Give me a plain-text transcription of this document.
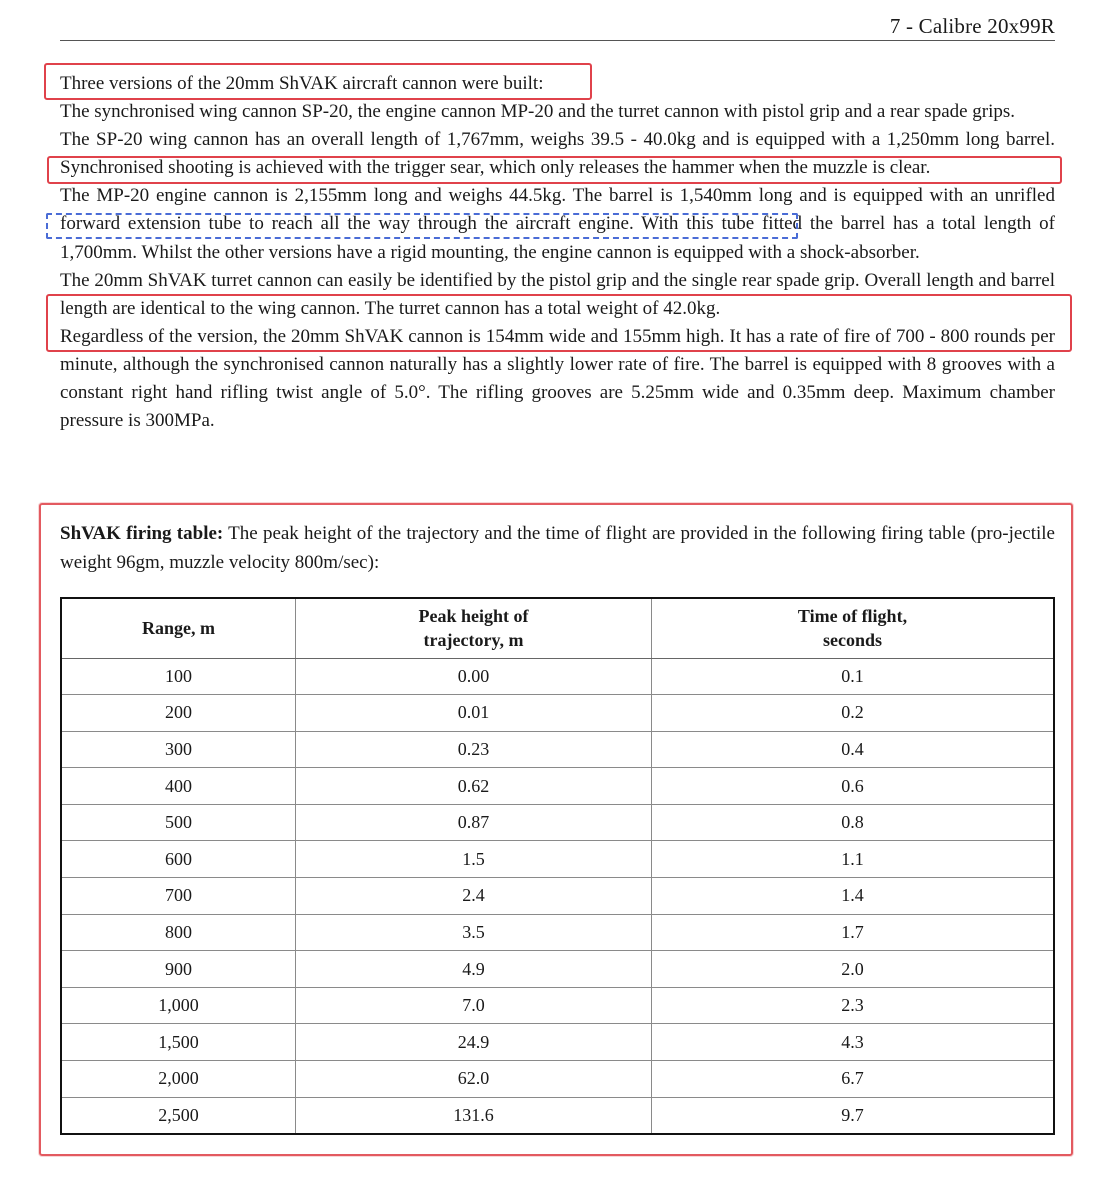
7 - Calibre 20x99R

Three versions of the 20mm ShVAK aircraft cannon were built:

The synchronised wing cannon SP-20, the engine cannon MP-20 and the turret cannon with pistol grip and a rear spade grips.

The SP-20 wing cannon has an overall length of 1,767mm, weighs 39.5 - 40.0kg and is equipped with a 1,250mm long barrel. Synchronised shooting is achieved with the trigger sear, which only releases the hammer when the muzzle is clear.

The MP-20 engine cannon is 2,155mm long and weighs 44.5kg. The barrel is 1,540mm long and is equipped with an unrifled forward extension tube to reach all the way through the aircraft engine. With this tube fitted the barrel has a total length of 1,700mm. Whilst the other versions have a rigid mounting, the engine cannon is equipped with a shock-absorber.

The 20mm ShVAK turret cannon can easily be identified by the pistol grip and the single rear spade grip. Overall length and barrel length are identical to the wing cannon. The turret cannon has a total weight of 42.0kg.

Regardless of the version, the 20mm ShVAK cannon is 154mm wide and 155mm high. It has a rate of fire of 700 - 800 rounds per minute, although the synchronised cannon naturally has a slightly lower rate of fire. The barrel is equipped with 8 grooves with a constant right hand rifling twist angle of 5.0°. The rifling grooves are 5.25mm wide and 0.35mm deep. Maximum chamber pressure is 300MPa.

ShVAK firing table: The peak height of the trajectory and the time of flight are provided in the following firing table (pro-jectile weight 96gm, muzzle velocity 800m/sec):
Range, m	Peak height of trajectory, m	Time of flight, seconds
100	0.00	0.1
200	0.01	0.2
300	0.23	0.4
400	0.62	0.6
500	0.87	0.8
600	1.5	1.1
700	2.4	1.4
800	3.5	1.7
900	4.9	2.0
1,000	7.0	2.3
1,500	24.9	4.3
2,000	62.0	6.7
2,500	131.6	9.7
